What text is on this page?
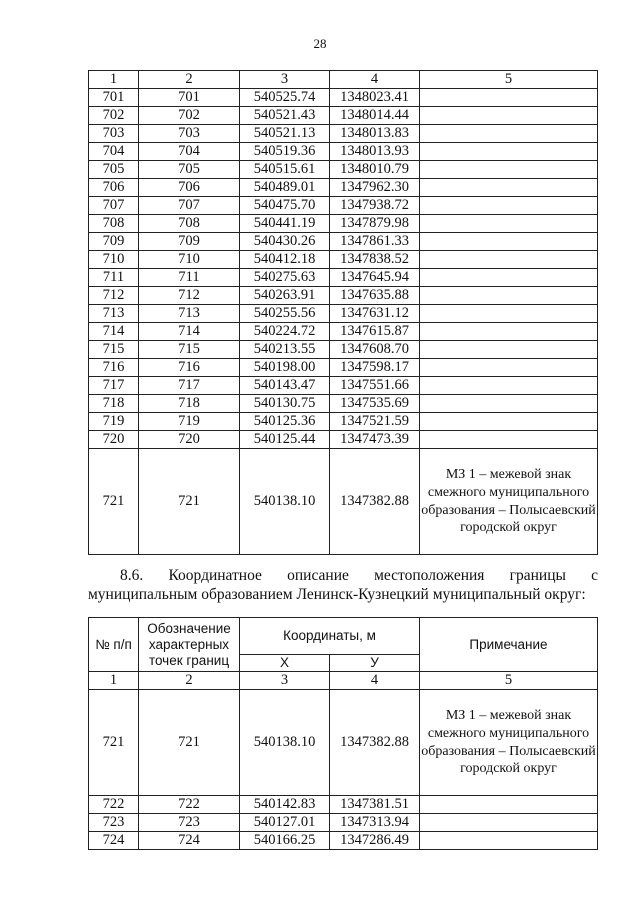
28
1	2	3	4	5
701	701	540525.74	1348023.41	
702	702	540521.43	1348014.44	
703	703	540521.13	1348013.83	
704	704	540519.36	1348013.93	
705	705	540515.61	1348010.79	
706	706	540489.01	1347962.30	
707	707	540475.70	1347938.72	
708	708	540441.19	1347879.98	
709	709	540430.26	1347861.33	
710	710	540412.18	1347838.52	
711	711	540275.63	1347645.94	
712	712	540263.91	1347635.88	
713	713	540255.56	1347631.12	
714	714	540224.72	1347615.87	
715	715	540213.55	1347608.70	
716	716	540198.00	1347598.17	
717	717	540143.47	1347551.66	
718	718	540130.75	1347535.69	
719	719	540125.36	1347521.59	
720	720	540125.44	1347473.39	
721	721	540138.10	1347382.88	МЗ 1 – межевой знак смежного муниципального образования – Полысаевский городской округ
8.6. Координатное описание местоположения границы с муниципальным образованием Ленинск-Кузнецкий муниципальный округ:
№ п/п	Обозначение характерных точек границ	Координаты, м		Примечание
		X	У	
1	2	3	4	5
721	721	540138.10	1347382.88	МЗ 1 – межевой знак смежного муниципального образования – Полысаевский городской округ
722	722	540142.83	1347381.51	
723	723	540127.01	1347313.94	
724	724	540166.25	1347286.49	
